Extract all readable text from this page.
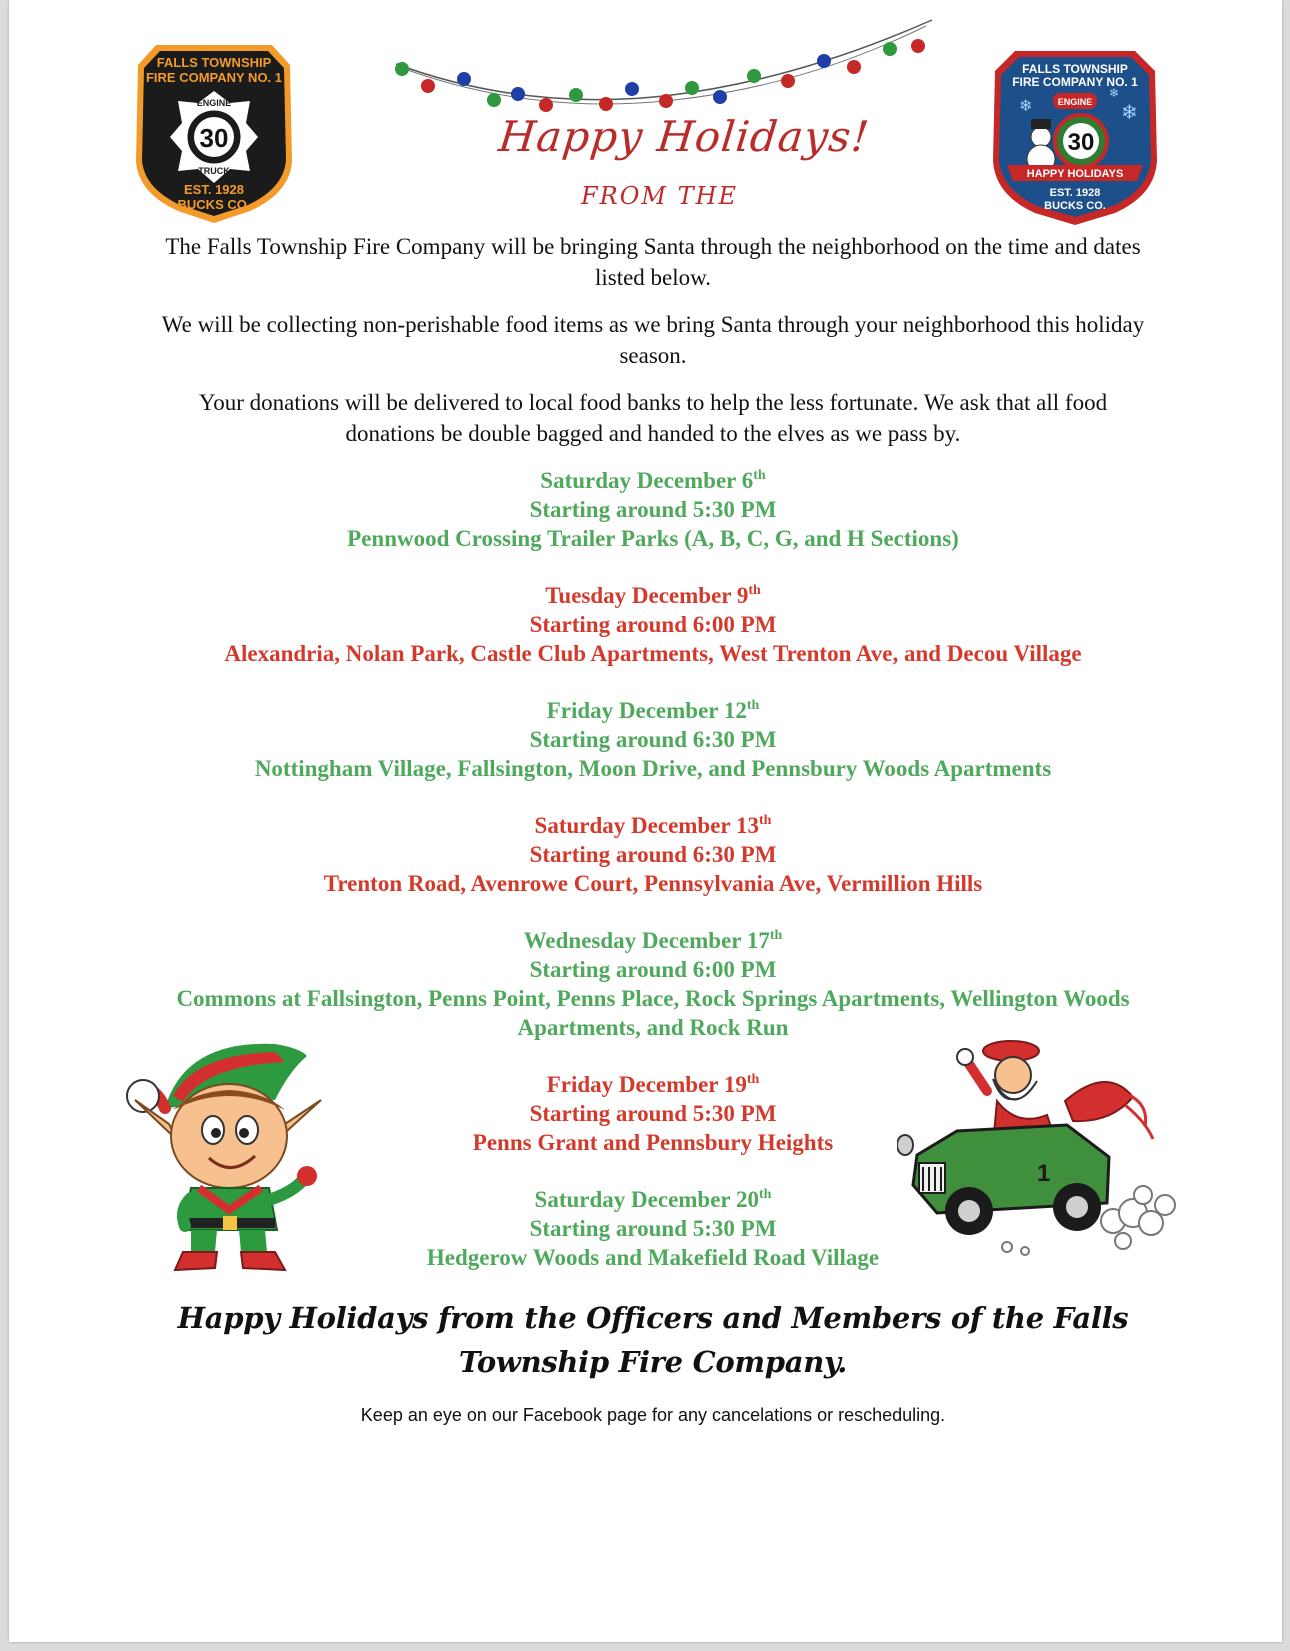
FALLS TOWNSHIP
FIRE COMPANY NO. 1
30
ENGINE
TRUCK
EST. 1928
BUCKS CO.
Happy Holidays!
FROM THE
FALLS TOWNSHIP
FIRE COMPANY NO. 1
❄	❄
❄
ENGINE
30
HAPPY HOLIDAYS
EST. 1928
BUCKS CO.

The Falls Township Fire Company will be bringing Santa through the neighborhood on the time and dates listed below.

We will be collecting non-perishable food items as we bring Santa through your neighborhood this holiday season.

Your donations will be delivered to local food banks to help the less fortunate. We ask that all food donations be double bagged and handed to the elves as we pass by.

Saturday December 6th
Starting around 5:30 PM
Pennwood Crossing Trailer Parks (A, B, C, G, and H Sections)
Tuesday December 9th
Starting around 6:00 PM
Alexandria, Nolan Park, Castle Club Apartments, West Trenton Ave, and Decou Village
Friday December 12th
Starting around 6:30 PM
Nottingham Village, Fallsington, Moon Drive, and Pennsbury Woods Apartments
Saturday December 13th
Starting around 6:30 PM
Trenton Road, Avenrowe Court, Pennsylvania Ave, Vermillion Hills
Wednesday December 17th
Starting around 6:00 PM
Commons at Fallsington, Penns Point, Penns Place, Rock Springs Apartments, Wellington Woods Apartments, and Rock Run
Friday December 19th
Starting around 5:30 PM
Penns Grant and Pennsbury Heights
Saturday December 20th
Starting around 5:30 PM
Hedgerow Woods and Makefield Road Village
1
Happy Holidays from the Officers and Members of the Falls Township Fire Company.
Keep an eye on our Facebook page for any cancelations or rescheduling.
